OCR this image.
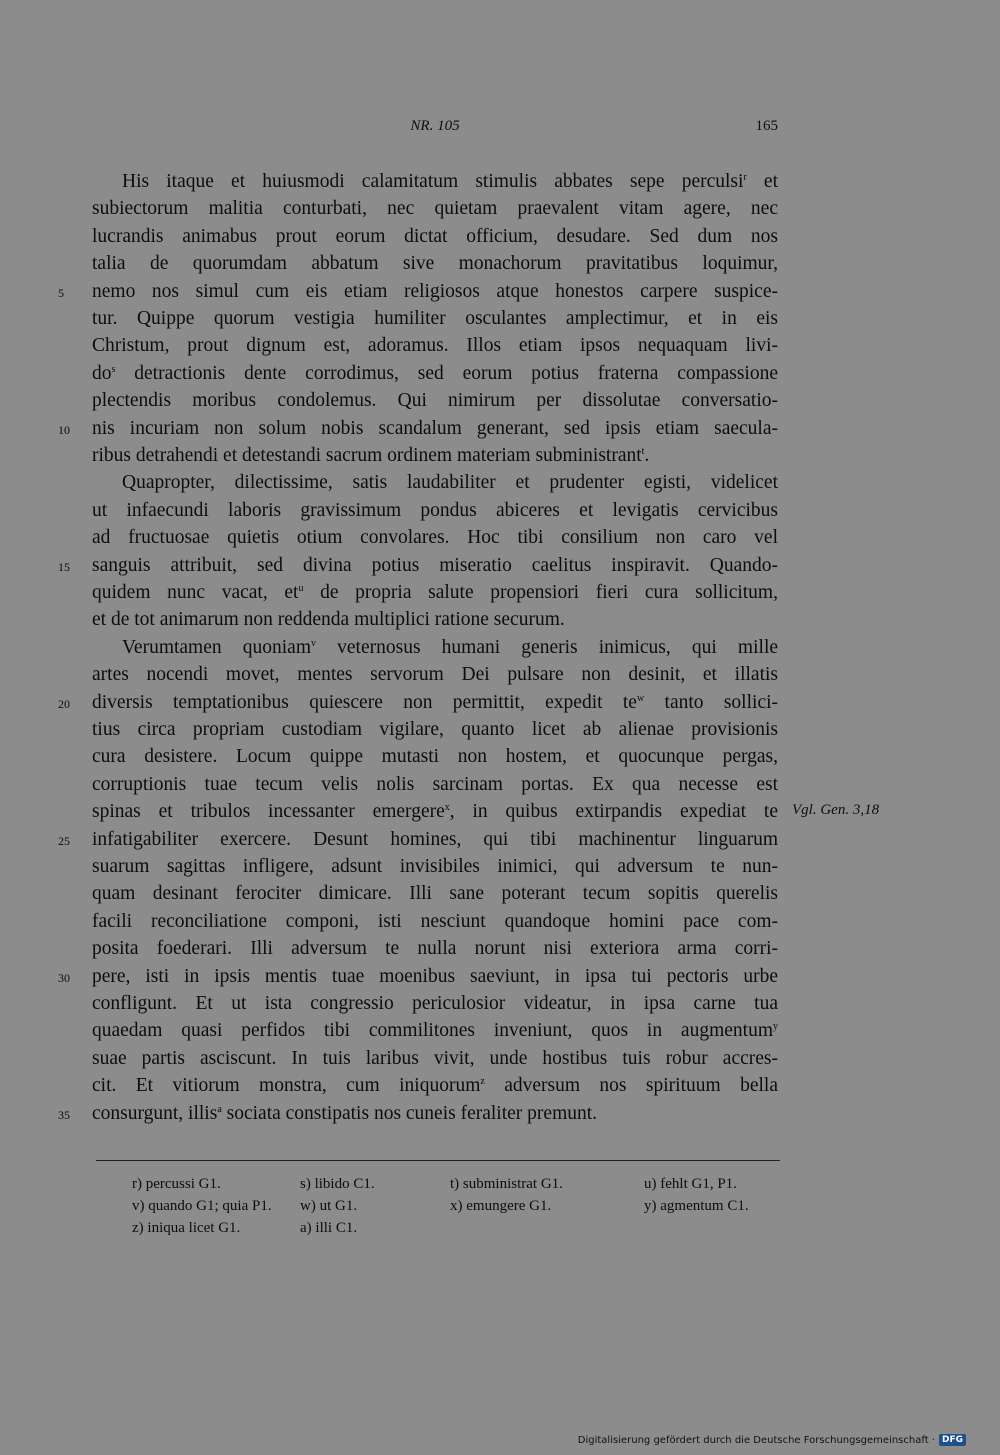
NR. 105	165
His itaque et huiusmodi calamitatum stimulis abbates sepe perculsi$^r$ et
subiectorum malitia conturbati, nec quietam praevalent vitam agere, nec
lucrandis animabus prout eorum dictat officium, desudare. Sed dum nos
talia de quorumdam abbatum sive monachorum pravitatibus loquimur,
nemo nos simul cum eis etiam religiosos atque honestos carpere suspice-
tur. Quippe quorum vestigia humiliter osculantes amplectimur, et in eis
Christum, prout dignum est, adoramus. Illos etiam ipsos nequaquam livi-
$do^s$ detractionis dente corrodimus, sed eorum potius fraterna compassione
plectendis moribus condolemus. Qui nimirum per dissolutae conversatio-
nis incuriam non solum nobis scandalum generant, sed ipsis etiam saecula-
ribus detrahendi et detestandi sacrum ordinem materiam subministrant$^t$.
Quapropter, dilectissime, satis laudabiliter et prudenter egisti, videlicet
ut infaecundi laboris gravissimum pondus abiceres et levigatis cervicibus
ad fructuosae quietis otium convolares. Hoc tibi consilium non caro vel
sanguis attribuit, sed divina potius miseratio caelitus inspiravit. Quando-
quidem nunc vacat, $et^u$ de propria salute propensiori fieri cura sollicitum,
et de tot animarum non reddenda multiplici ratione securum.
Verumtamen quoniam$^v$ veternosus humani generis inimicus, qui mille
artes nocendi movet, mentes servorum Dei pulsare non desinit, et illatis
diversis temptationibus quiescere non permittit, expedit $te^w$ tanto sollici-
tius circa propriam custodiam vigilare, quanto licet ab alienae provisionis
cura desistere. Locum quippe mutasti non hostem, et quocunque pergas,
corruptionis tuae tecum velis nolis sarcinam portas. Ex qua necesse est
spinas et tribulos incessanter emergere$^x$, in quibus extirpandis expediat te
infatigabiliter exercere. Desunt homines, qui tibi machinentur linguarum
suarum sagittas infligere, adsunt invisibiles inimici, qui adversum te nun-
quam desinant ferociter dimicare. Illi sane poterant tecum sopitis querelis
facili reconciliatione componi, isti nesciunt quandoque homini pace com-
posita foederari. Illi adversum te nulla norunt nisi exteriora arma corri-
pere, isti in ipsis mentis tuae moenibus saeviunt, in ipsa tui pectoris urbe
confligunt. Et ut ista congressio periculosior videatur, in ipsa carne tua
quaedam quasi perfidos tibi commilitones inveniunt, quos in augmentum$^y$
suae partis asciscunt. In tuis laribus vivit, unde hostibus tuis robur accres-
cit. Et vitiorum monstra, cum iniquorum$^z$ adversum nos spirituum bella
consurgunt, illis$^a$ sociata constipatis nos cuneis feraliter premunt.
5
10
15
20
25
30
35
Vgl. Gen. 3,18
r) percussi G1.	s) libido C1.	t) subministrat G1.	u) fehlt G1, P1.
v) quando G1; quia P1. w) ut G1.	x) emungere G1.	y) agmentum C1.
z) iniqua licet G1.	a) illi C1.
Digitalisierung gefördert durch die Deutsche Forschungsgemeinschaft · DFG
